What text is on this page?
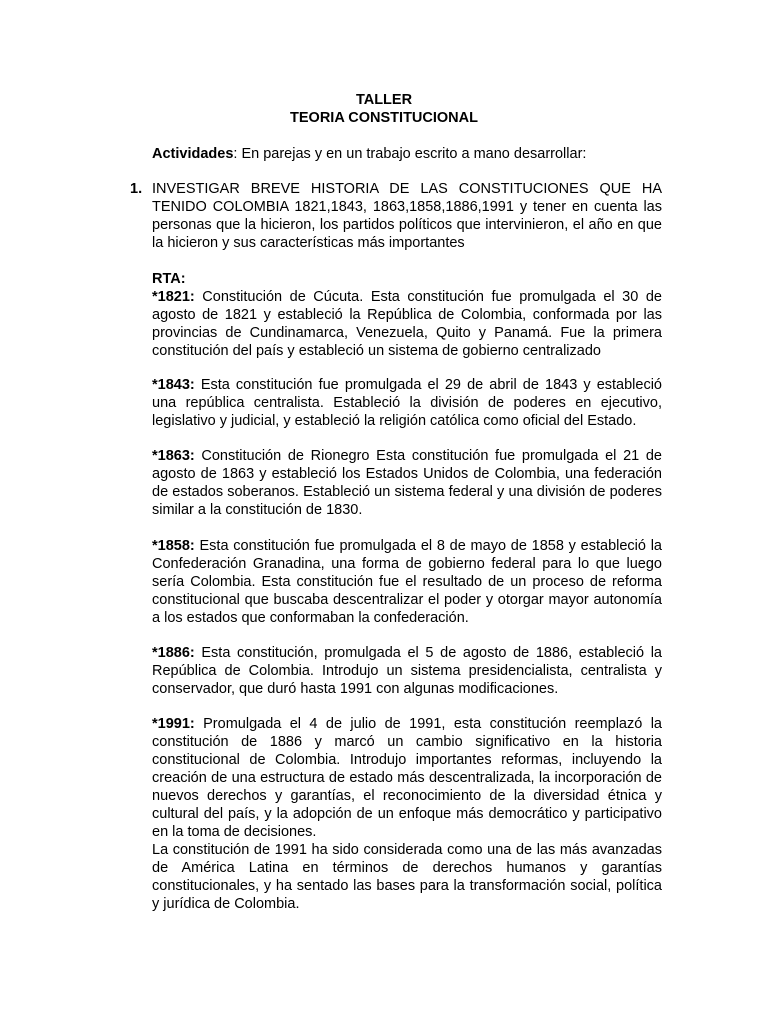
TALLER
TEORIA CONSTITUCIONAL
Actividades: En parejas y en un trabajo escrito a mano desarrollar:
1. INVESTIGAR BREVE HISTORIA DE LAS CONSTITUCIONES QUE HA TENIDO COLOMBIA 1821,1843, 1863,1858,1886,1991 y tener en cuenta las personas que la hicieron, los partidos políticos que intervinieron, el año en que la hicieron y sus características más importantes
RTA:

*1821: Constitución de Cúcuta. Esta constitución fue promulgada el 30 de agosto de 1821 y estableció la República de Colombia, conformada por las provincias de Cundinamarca, Venezuela, Quito y Panamá. Fue la primera constitución del país y estableció un sistema de gobierno centralizado

*1843: Esta constitución fue promulgada el 29 de abril de 1843 y estableció una república centralista. Estableció la división de poderes en ejecutivo, legislativo y judicial, y estableció la religión católica como oficial del Estado.

*1863: Constitución de Rionegro Esta constitución fue promulgada el 21 de agosto de 1863 y estableció los Estados Unidos de Colombia, una federación de estados soberanos. Estableció un sistema federal y una división de poderes similar a la constitución de 1830.

*1858: Esta constitución fue promulgada el 8 de mayo de 1858 y estableció la Confederación Granadina, una forma de gobierno federal para lo que luego sería Colombia. Esta constitución fue el resultado de un proceso de reforma constitucional que buscaba descentralizar el poder y otorgar mayor autonomía a los estados que conformaban la confederación.

*1886: Esta constitución, promulgada el 5 de agosto de 1886, estableció la República de Colombia. Introdujo un sistema presidencialista, centralista y conservador, que duró hasta 1991 con algunas modificaciones.

*1991: Promulgada el 4 de julio de 1991, esta constitución reemplazó la constitución de 1886 y marcó un cambio significativo en la historia constitucional de Colombia. Introdujo importantes reformas, incluyendo la creación de una estructura de estado más descentralizada, la incorporación de nuevos derechos y garantías, el reconocimiento de la diversidad étnica y cultural del país, y la adopción de un enfoque más democrático y participativo en la toma de decisiones.

La constitución de 1991 ha sido considerada como una de las más avanzadas de América Latina en términos de derechos humanos y garantías constitucionales, y ha sentado las bases para la transformación social, política y jurídica de Colombia.
